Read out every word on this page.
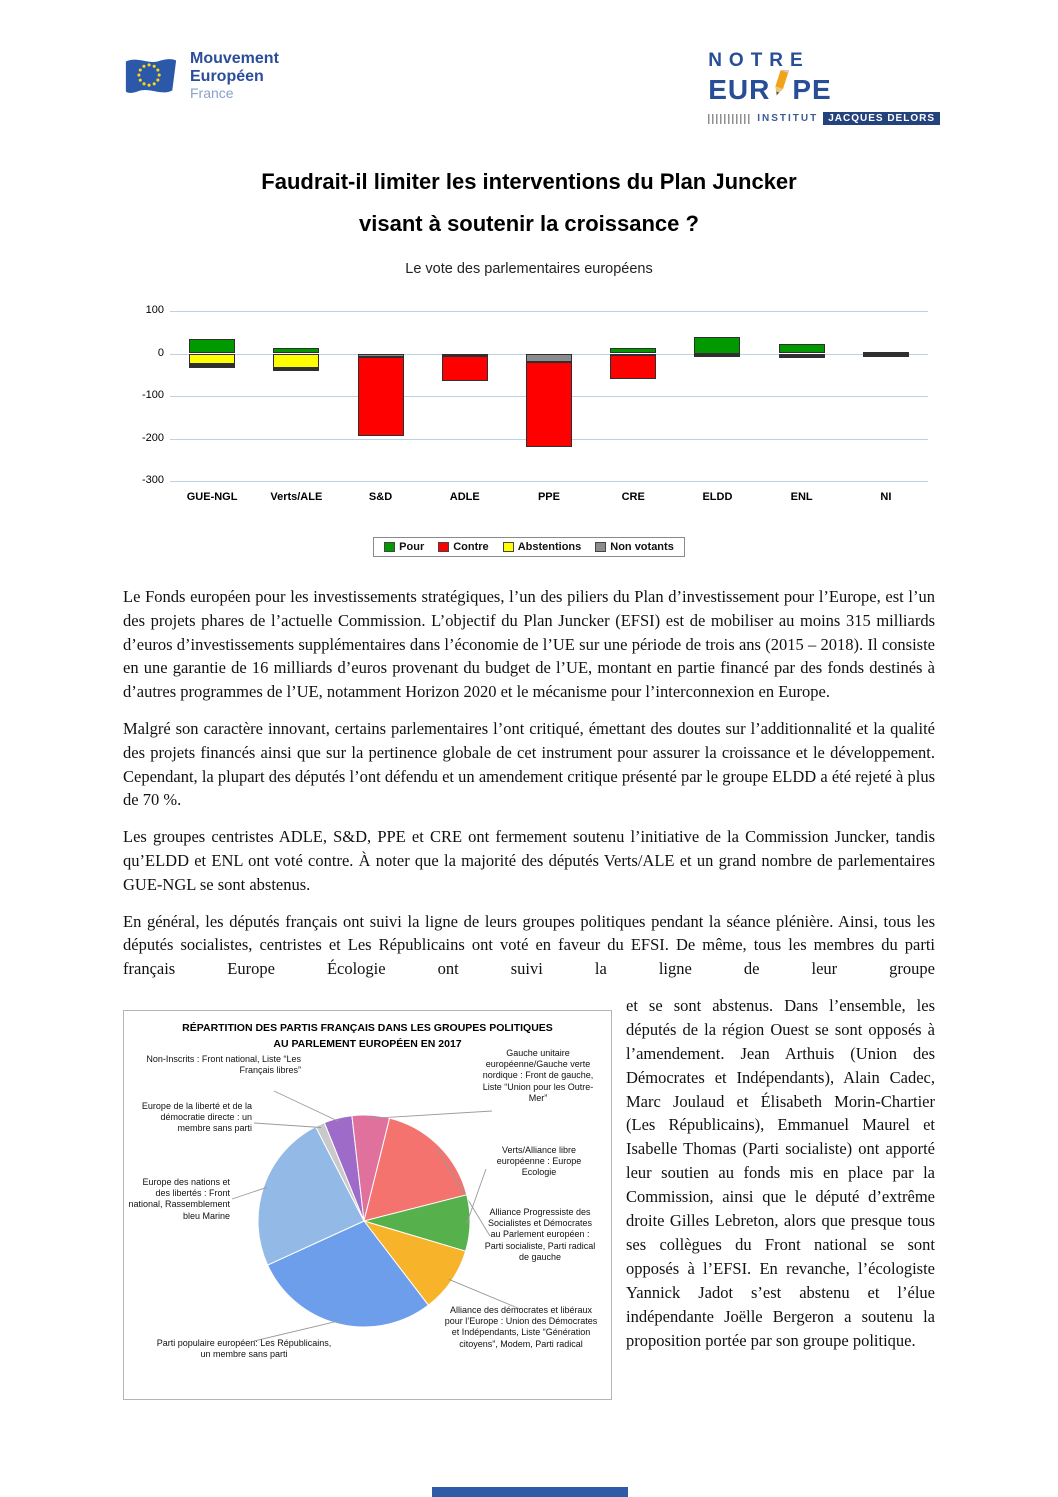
Mouvement
Européen
France
NOTRE
EUR PE
INSTITUT	JACQUES DELORS
Faudrait-il limiter les interventions du Plan Juncker
visant à soutenir la croissance ?
Le vote des parlementaires européens
100
0
-100
-200
-300
GUE-NGL	Verts/ALE	S&D	ADLE	PPE	CRE	ELDD	ENL	NI
Pour	Contre	Abstentions	Non votants

Le Fonds européen pour les investissements stratégiques, l’un des piliers du Plan d’investissement pour l’Europe, est l’un des projets phares de l’actuelle Commission. L’objectif du Plan Juncker (EFSI) est de mobiliser au moins 315 milliards d’euros d’investissements supplémentaires dans l’économie de l’UE sur une période de trois ans (2015 – 2018). Il consiste en une garantie de 16 milliards d’euros provenant du budget de l’UE, montant en partie financé par des fonds destinés à d’autres programmes de l’UE, notamment Horizon 2020 et le mécanisme pour l’interconnexion en Europe.

Malgré son caractère innovant, certains parlementaires l’ont critiqué, émettant des doutes sur l’additionnalité et la qualité des projets financés ainsi que sur la pertinence globale de cet instrument pour assurer la croissance et le développement. Cependant, la plupart des députés l’ont défendu et un amendement critique présenté par le groupe ELDD a été rejeté à plus de 70 %.

Les groupes centristes ADLE, S&D, PPE et CRE ont fermement soutenu l’initiative de la Commission Juncker, tandis qu’ELDD et ENL ont voté contre. À noter que la majorité des députés Verts/ALE et un grand nombre de parlementaires GUE-NGL se sont abstenus.

En général, les députés français ont suivi la ligne de leurs groupes politiques pendant la séance plénière. Ainsi, tous les députés socialistes, centristes et Les Républicains ont voté en faveur du EFSI. De même, tous les membres du parti français Europe Écologie ont suivi la ligne de leur groupe

RÉPARTITION DES PARTIS FRANÇAIS DANS LES GROUPES POLITIQUES
AU PARLEMENT EUROPÉEN EN 2017
Non-Inscrits : Front national, Liste “Les Français libres”
Gauche unitaire européenne/Gauche verte nordique : Front de gauche, Liste “Union pour les Outre-Mer”
Alliance Progressiste des Socialistes et Démocrates au Parlement européen : Parti socialiste, Parti radical de gauche
Verts/Alliance libre européenne : Europe Ecologie
Alliance des démocrates et libéraux pour l’Europe : Union des Démocrates et Indépendants, Liste “Génération citoyens”, Modem, Parti radical
Parti populaire européen: Les Républicains, un membre sans parti
Europe des nations et des libertés : Front national, Rassemblement bleu Marine
Europe de la liberté et de la démocratie directe : un membre sans parti
et se sont abstenus. Dans l’ensemble, les députés de la région Ouest se sont opposés à l’amendement. Jean Arthuis (Union des Démocrates et Indépendants), Alain Cadec, Marc Joulaud et Élisabeth Morin-Chartier (Les Républicains), Emmanuel Maurel et Isabelle Thomas (Parti socialiste) ont apporté leur soutien au fonds mis en place par la Commission, ainsi que le député d’extrême droite Gilles Lebreton, alors que presque tous ses collègues du Front national se sont opposés à l’EFSI. En revanche, l’écologiste Yannick Jadot s’est abstenu et l’élue indépendante Joëlle Bergeron a soutenu la proposition portée par son groupe politique.
